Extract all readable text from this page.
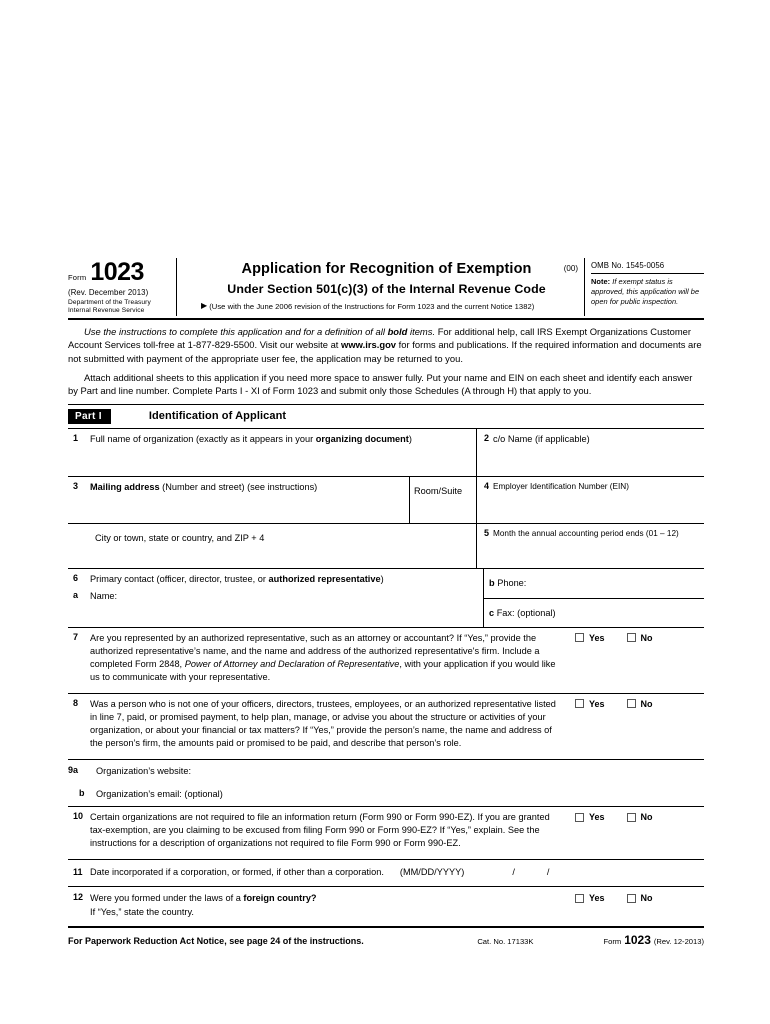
Form 1023
(Rev. December 2013)
Department of the Treasury
Internal Revenue Service
(00)
Application for Recognition of Exemption
Under Section 501(c)(3) of the Internal Revenue Code
▶ (Use with the June 2006 revision of the Instructions for Form 1023 and the current Notice 1382)
OMB No. 1545-0056
Note: If exempt status is approved, this application will be open for public inspection.

Use the instructions to complete this application and for a definition of all bold items. For additional help, call IRS Exempt Organizations Customer Account Services toll-free at 1-877-829-5500. Visit our website at www.irs.gov for forms and publications. If the required information and documents are not submitted with payment of the appropriate user fee, the application may be returned to you.

Attach additional sheets to this application if you need more space to answer fully. Put your name and EIN on each sheet and identify each answer by Part and line number. Complete Parts I - XI of Form 1023 and submit only those Schedules (A through H) that apply to you.

Part I	Identification of Applicant
1	Full name of organization (exactly as it appears in your organizing document)	2 c/o Name (if applicable)
3	Mailing address (Number and street) (see instructions)	Room/Suite	4 Employer Identification Number (EIN)
City or town, state or country, and ZIP + 4	5 Month the annual accounting period ends (01 – 12)
6	Primary contact (officer, director, trustee, or authorized representative)
a	Name:
b Phone:
c Fax: (optional)
7	Are you represented by an authorized representative, such as an attorney or accountant? If “Yes,” provide the authorized representative’s name, and the name and address of the authorized representative's firm. Include a completed Form 2848, Power of Attorney and Declaration of Representative, with your application if you would like us to communicate with your representative.
Yes	No
8	Was a person who is not one of your officers, directors, trustees, employees, or an authorized representative listed in line 7, paid, or promised payment, to help plan, manage, or advise you about the structure or activities of your organization, or about your financial or tax matters? If “Yes,” provide the person’s name, the name and address of the person’s firm, the amounts paid or promised to be paid, and describe that person’s role.
Yes	No
9a	Organization’s website:
b	Organization’s email: (optional)
10 Certain organizations are not required to file an information return (Form 990 or Form 990-EZ). If you are granted tax-exemption, are you claiming to be excused from filing Form 990 or Form 990-EZ? If “Yes,” explain. See the instructions for a description of organizations not required to file Form 990 or Form 990-EZ.
Yes	No
11 Date incorporated if a corporation, or formed, if other than a corporation. (MM/DD/YYYY)	/	/
12 Were you formed under the laws of a foreign country?
If “Yes,” state the country.
Yes	No
For Paperwork Reduction Act Notice, see page 24 of the instructions.	Cat. No. 17133K	Form 1023 (Rev. 12-2013)
